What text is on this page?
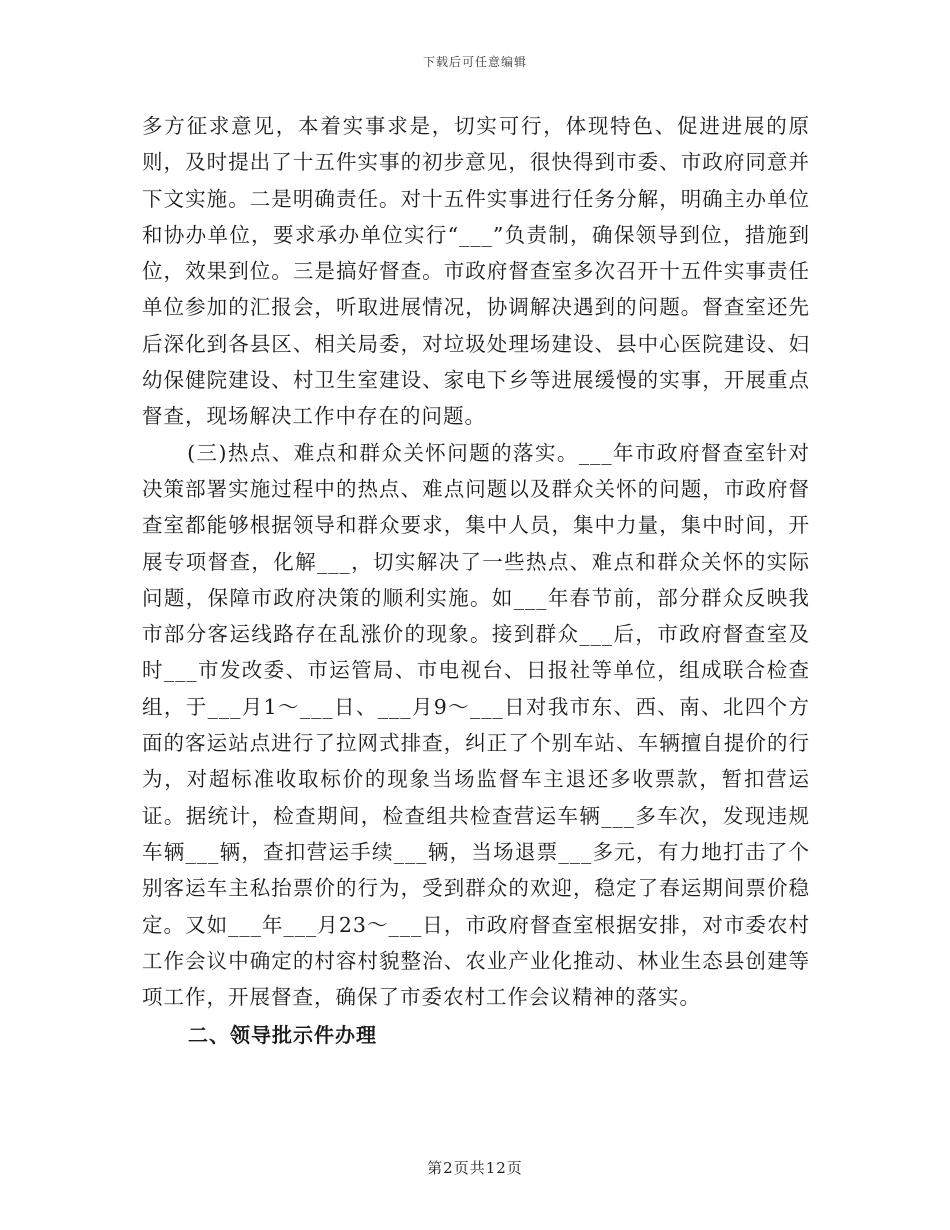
下载后可任意编辑

多方征求意见，本着实事求是，切实可行，体现特色、促进进展的原则，及时提出了十五件实事的初步意见，很快得到市委、市政府同意并下文实施。二是明确责任。对十五件实事进行任务分解，明确主办单位和协办单位，要求承办单位实行“___”负责制，确保领导到位，措施到位，效果到位。三是搞好督查。市政府督查室多次召开十五件实事责任单位参加的汇报会，听取进展情况，协调解决遇到的问题。督查室还先后深化到各县区、相关局委，对垃圾处理场建设、县中心医院建设、妇幼保健院建设、村卫生室建设、家电下乡等进展缓慢的实事，开展重点督查，现场解决工作中存在的问题。

(三)热点、难点和群众关怀问题的落实。___年市政府督查室针对决策部署实施过程中的热点、难点问题以及群众关怀的问题，市政府督查室都能够根据领导和群众要求，集中人员，集中力量，集中时间，开展专项督查，化解___，切实解决了一些热点、难点和群众关怀的实际问题，保障市政府决策的顺利实施。如___年春节前，部分群众反映我市部分客运线路存在乱涨价的现象。接到群众___后，市政府督查室及时___市发改委、市运管局、市电视台、日报社等单位，组成联合检查组，于___月1～___日、___月9～___日对我市东、西、南、北四个方面的客运站点进行了拉网式排查，纠正了个别车站、车辆擅自提价的行为，对超标准收取标价的现象当场监督车主退还多收票款，暂扣营运证。据统计，检查期间，检查组共检查营运车辆___多车次，发现违规车辆___辆，查扣营运手续___辆，当场退票___多元，有力地打击了个别客运车主私抬票价的行为，受到群众的欢迎，稳定了春运期间票价稳定。又如___年___月23～___日，市政府督查室根据安排，对市委农村工作会议中确定的村容村貌整治、农业产业化推动、林业生态县创建等项工作，开展督查，确保了市委农村工作会议精神的落实。

二、领导批示件办理
第2页共12页
